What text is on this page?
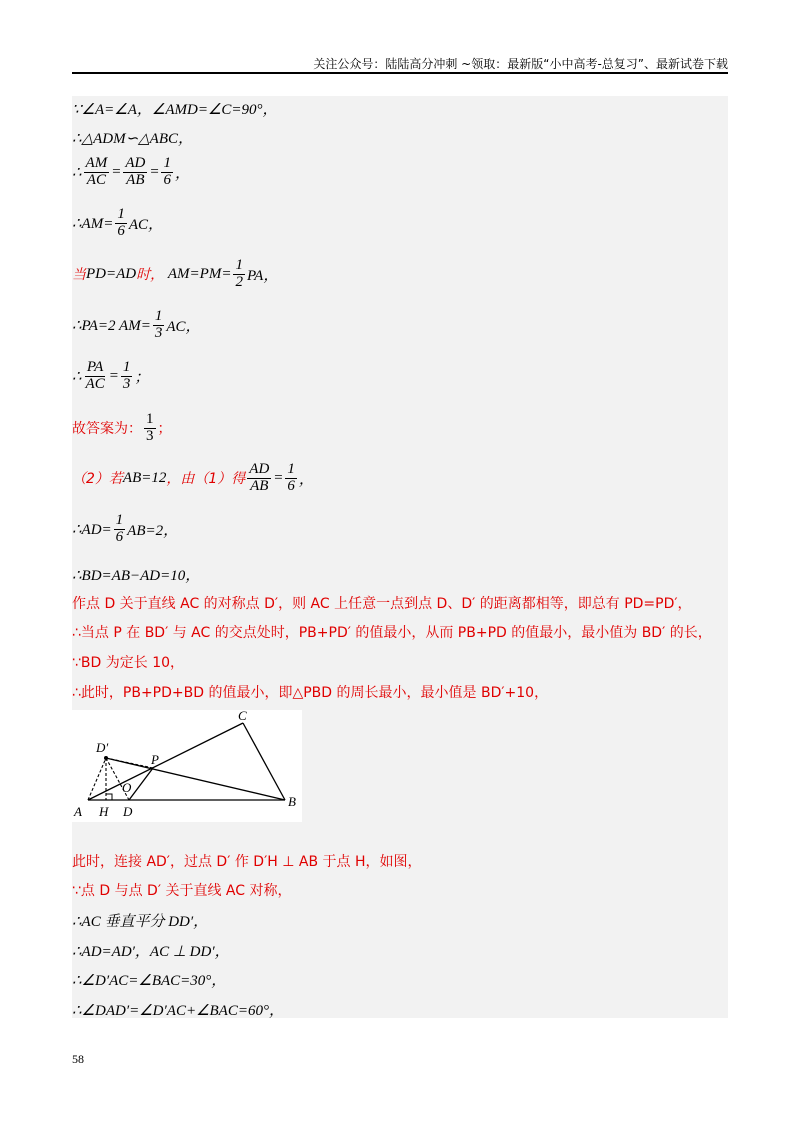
关注公众号：陆陆高分冲刺 ~领取：最新版“小中高考-总复习”、最新试卷下载
∵∠A=∠A，∠AMD=∠C=90°，
∴△ADM∽△ABC，
∴ $\frac{AM}{AC} = \frac{AD}{AB} = \frac{1}{6}$ ，
∴AM= $\frac{1}{6}$ AC，
当 PD=AD 时，
$AM=PM= \frac{1}{2}$ PA，
∴PA=2 $AM= \frac{1}{3}$ AC，
∴ $\frac{PA}{AC} = \frac{1}{3}$ ；
故答案为： $\frac{1}{3}$ ；
（2）若 AB=12 ，由（1）得 $\frac{AD}{AB} = \frac{1}{6}$ ，
∴AD= $\frac{1}{6} AB=2$，
∴BD=AB−AD=10，
作点 D 关于直线 AC 的对称点 D′，则 AC 上任意一点到点 D、D′ 的距离都相等，即总有 PD=PD′，
∴当点 P 在 BD′ 与 AC 的交点处时，PB+PD′ 的值最小，从而 PB+PD 的值最小，最小值为 BD′ 的长，
∵BD 为定长 10，
∴此时，PB+PD+BD 的值最小，即△PBD 的周长最小，最小值是 BD′+10，
C
D′
P
O
A H D
B
此时，连接 AD′，过点 D′ 作 D′H ⊥ AB 于点 H，如图，
∵点 D 与点 D′ 关于直线 AC 对称，
∴AC 垂直平分 DD′，
∴AD=AD′，AC ⊥ DD′，
∴∠D′AC=∠BAC=30°，
∴∠DAD′=∠D′AC+∠BAC=60°，
58
